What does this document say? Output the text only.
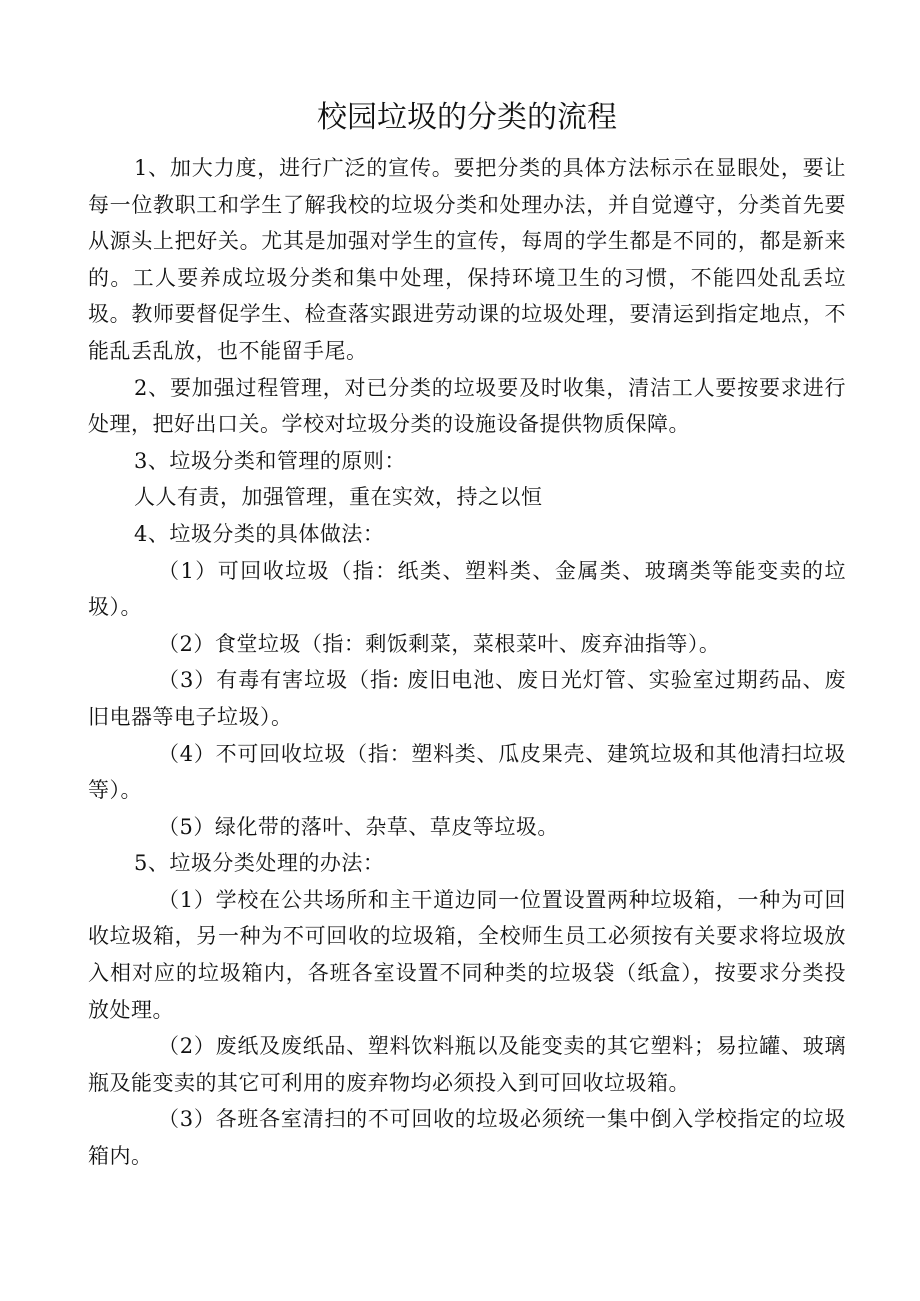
校园垃圾的分类的流程

1、加大力度，进行广泛的宣传。要把分类的具体方法标示在显眼处，要让每一位教职工和学生了解我校的垃圾分类和处理办法，并自觉遵守，分类首先要从源头上把好关。尤其是加强对学生的宣传，每周的学生都是不同的，都是新来的。工人要养成垃圾分类和集中处理，保持环境卫生的习惯，不能四处乱丢垃圾。教师要督促学生、检查落实跟进劳动课的垃圾处理，要清运到指定地点，不能乱丢乱放，也不能留手尾。

2、要加强过程管理，对已分类的垃圾要及时收集，清洁工人要按要求进行处理，把好出口关。学校对垃圾分类的设施设备提供物质保障。

3、垃圾分类和管理的原则：

人人有责，加强管理，重在实效，持之以恒

4、垃圾分类的具体做法：

（1）可回收垃圾（指：纸类、塑料类、金属类、玻璃类等能变卖的垃圾）。

（2）食堂垃圾（指：剩饭剩菜，菜根菜叶、废弃油指等）。

（3）有毒有害垃圾（指: 废旧电池、废日光灯管、实验室过期药品、废旧电器等电子垃圾）。

（4）不可回收垃圾（指：塑料类、瓜皮果壳、建筑垃圾和其他清扫垃圾等）。

（5）绿化带的落叶、杂草、草皮等垃圾。

5、垃圾分类处理的办法：

（1）学校在公共场所和主干道边同一位置设置两种垃圾箱，一种为可回收垃圾箱，另一种为不可回收的垃圾箱，全校师生员工必须按有关要求将垃圾放入相对应的垃圾箱内，各班各室设置不同种类的垃圾袋（纸盒），按要求分类投放处理。

（2）废纸及废纸品、塑料饮料瓶以及能变卖的其它塑料；易拉罐、玻璃瓶及能变卖的其它可利用的废弃物均必须投入到可回收垃圾箱。

（3）各班各室清扫的不可回收的垃圾必须统一集中倒入学校指定的垃圾箱内。
